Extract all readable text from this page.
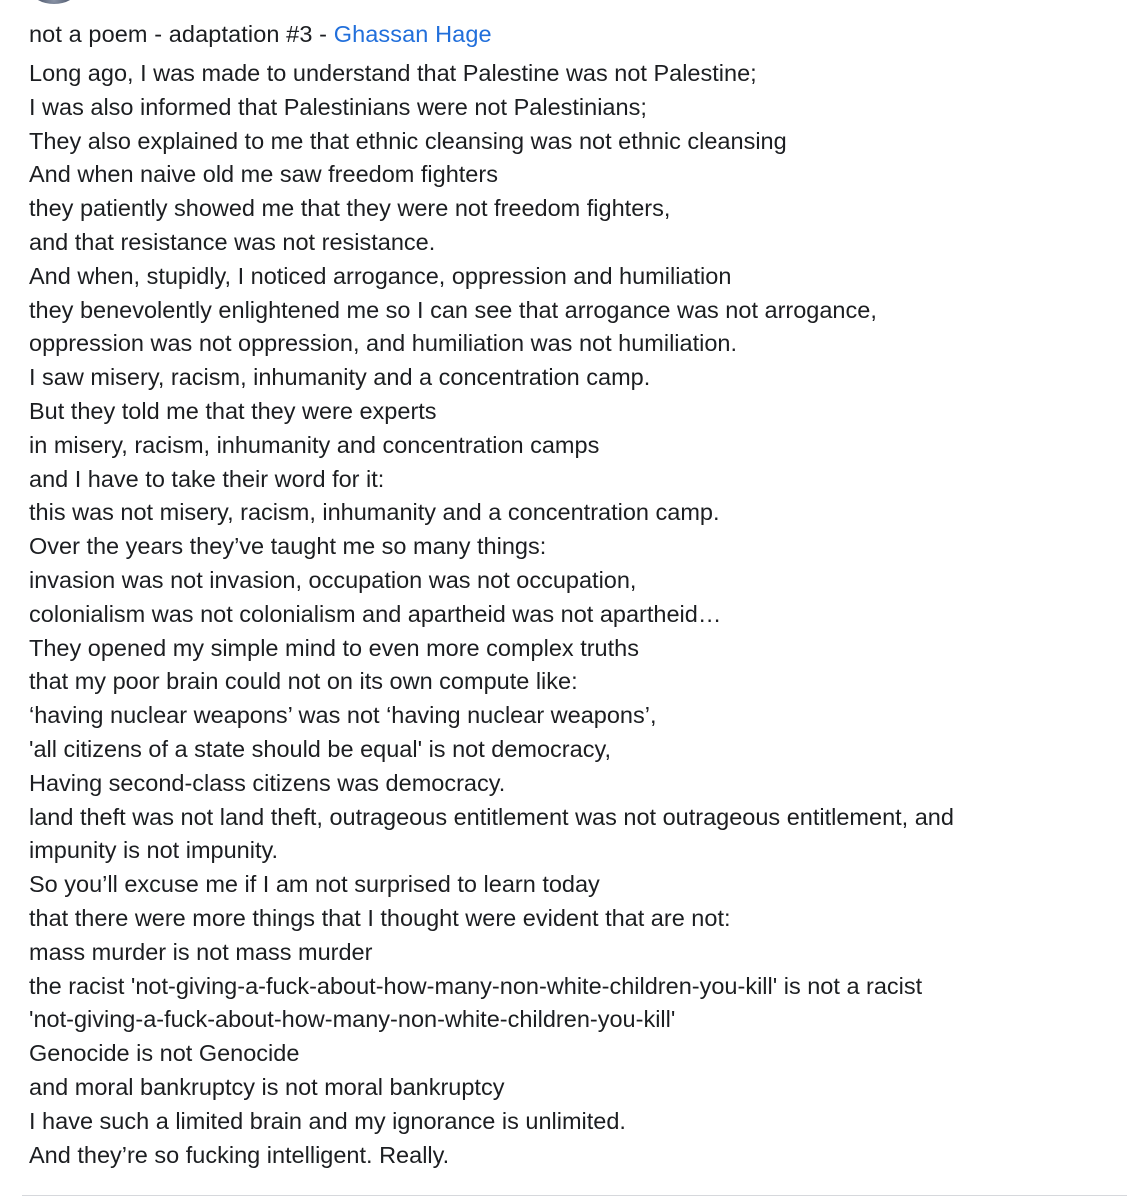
not a poem - adaptation #3 - Ghassan Hage
Long ago, I was made to understand that Palestine was not Palestine;
I was also informed that Palestinians were not Palestinians;
They also explained to me that ethnic cleansing was not ethnic cleansing
And when naive old me saw freedom fighters
they patiently showed me that they were not freedom fighters,
and that resistance was not resistance.
And when, stupidly, I noticed arrogance, oppression and humiliation
they benevolently enlightened me so I can see that arrogance was not arrogance,
oppression was not oppression, and humiliation was not humiliation.
I saw misery, racism, inhumanity and a concentration camp.
But they told me that they were experts
in misery, racism, inhumanity and concentration camps
and I have to take their word for it:
this was not misery, racism, inhumanity and a concentration camp.
Over the years they’ve taught me so many things:
invasion was not invasion, occupation was not occupation,
colonialism was not colonialism and apartheid was not apartheid…
They opened my simple mind to even more complex truths
that my poor brain could not on its own compute like:
‘having nuclear weapons’ was not ‘having nuclear weapons’,
'all citizens of a state should be equal' is not democracy,
Having second-class citizens was democracy.
land theft was not land theft, outrageous entitlement was not outrageous entitlement, and
impunity is not impunity.
So you’ll excuse me if I am not surprised to learn today
that there were more things that I thought were evident that are not:
mass murder is not mass murder
the racist 'not-giving-a-fuck-about-how-many-non-white-children-you-kill' is not a racist
'not-giving-a-fuck-about-how-many-non-white-children-you-kill'
Genocide is not Genocide
and moral bankruptcy is not moral bankruptcy
I have such a limited brain and my ignorance is unlimited.
And they’re so fucking intelligent. Really.
